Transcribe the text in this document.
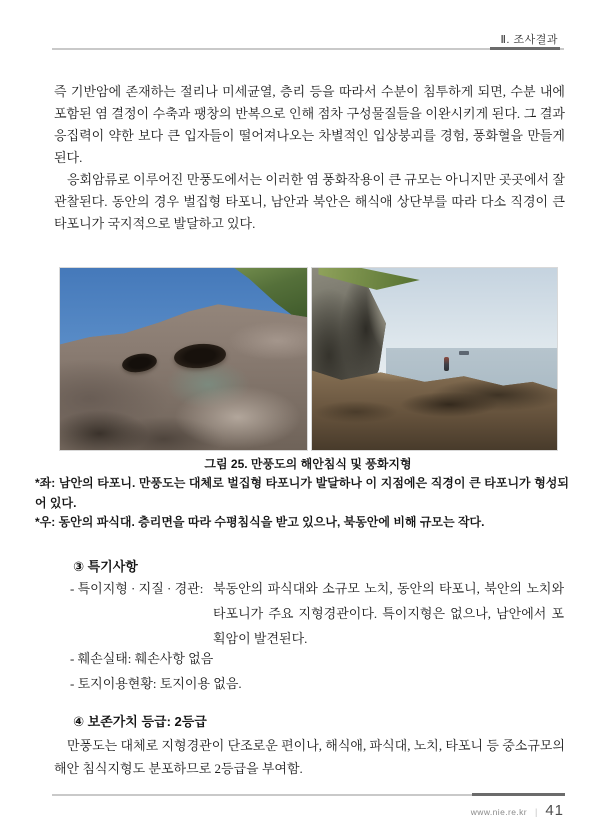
Ⅱ. 조사결과

즉 기반암에 존재하는 절리나 미세균열, 층리 등을 따라서 수분이 침투하게 되면, 수분 내에 포함된 염 결정이 수축과 팽창의 반복으로 인해 점차 구성물질들을 이완시키게 된다. 그 결과 응집력이 약한 보다 큰 입자들이 떨어져나오는 차별적인 입상붕괴를 경험, 풍화혈을 만들게 된다.

응회암류로 이루어진 만풍도에서는 이러한 염 풍화작용이 큰 규모는 아니지만 곳곳에서 잘 관찰된다. 동안의 경우 벌집형 타포니, 남안과 북안은 해식애 상단부를 따라 다소 직경이 큰 타포니가 국지적으로 발달하고 있다.

그림 25. 만풍도의 해안침식 및 풍화지형

*좌: 남안의 타포니. 만풍도는 대체로 벌집형 타포니가 발달하나 이 지점에은 직경이 큰 타포니가 형성되어 있다.

*우: 동안의 파식대. 층리면을 따라 수평침식을 받고 있으나, 북동안에 비해 규모는 작다.

③ 특기사항
- 특이지형 · 지질 · 경관: 북동안의 파식대와 소규모 노치, 동안의 타포니, 북안의 노치와 타포니가 주요 지형경관이다. 특이지형은 없으나, 남안에서 포획암이 발견된다.

- 훼손실태: 훼손사항 없음

- 토지이용현황: 토지이용 없음.

④ 보존가치 등급: 2등급

만풍도는 대체로 지형경관이 단조로운 편이나, 해식애, 파식대, 노치, 타포니 등 중소규모의 해안 침식지형도 분포하므로 2등급을 부여함.

www.nie.re.kr | 41
